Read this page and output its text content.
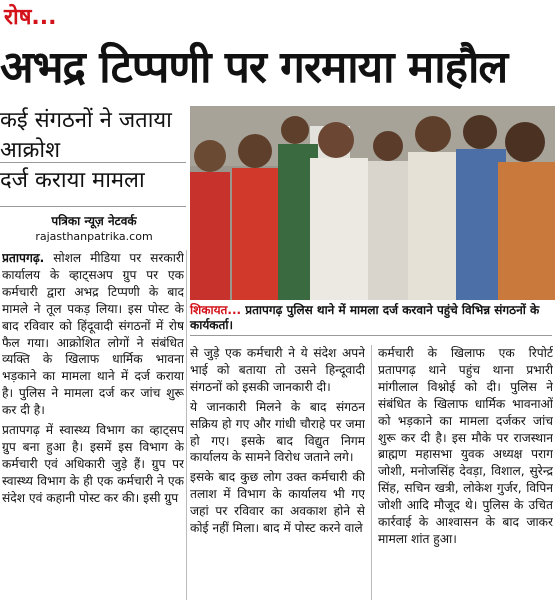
रोष...
अभद्र टिप्पणी पर गरमाया माहौल
कई संगठनों ने जताया आक्रोश
दर्ज कराया मामला
पत्रिका न्यूज़ नेटवर्क
rajasthanpatrika.com
शिकायत... प्रतापगढ़ पुलिस थाने में मामला दर्ज करवाने पहुंचे विभिन्न संगठनों के कार्यकर्ता।

प्रतापगढ़. सोशल मीडिया पर सरकारी कार्यालय के व्हाट्सअप ग्रुप पर एक कर्मचारी द्वारा अभद्र टिप्पणी के बाद मामले ने तूल पकड़ लिया। इस पोस्ट के बाद रविवार को हिंदूवादी संगठनों में रोष फैल गया। आक्रोशित लोगों ने संबंधित व्यक्ति के खिलाफ धार्मिक भावना भड़काने का मामला थाने में दर्ज कराया है। पुलिस ने मामला दर्ज कर जांच शुरू कर दी है।

प्रतापगढ़ में स्वास्थ्य विभाग का व्हाट्सप ग्रुप बना हुआ है। इसमें इस विभाग के कर्मचारी एवं अधिकारी जुड़े हैं। ग्रुप पर स्वास्थ्य विभाग के ही एक कर्मचारी ने एक संदेश एवं कहानी पोस्ट कर की। इसी ग्रुप

से जुड़े एक कर्मचारी ने ये संदेश अपने भाई को बताया तो उसने हिन्दूवादी संगठनों को इसकी जानकारी दी।

ये जानकारी मिलने के बाद संगठन सक्रिय हो गए और गांधी चौराहे पर जमा हो गए। इसके बाद विद्युत निगम कार्यालय के सामने विरोध जताने लगे।

इसके बाद कुछ लोग उक्त कर्मचारी की तलाश में विभाग के कार्यालय भी गए जहां पर रविवार का अवकाश होने से कोई नहीं मिला। बाद में पोस्ट करने वाले

कर्मचारी के खिलाफ एक रिपोर्ट प्रतापगढ़ थाने पहुंच थाना प्रभारी मांगीलाल विश्नोई को दी। पुलिस ने संबंधित के खिलाफ धार्मिक भावनाओं को भड़काने का मामला दर्जकर जांच शुरू कर दी है। इस मौके पर राजस्थान ब्राह्मण महासभा युवक अध्यक्ष पराग जोशी, मनोजसिंह देवड़ा, विशाल, सुरेन्द्र सिंह, सचिन खत्री, लोकेश गुर्जर, विपिन जोशी आदि मौजूद थे। पुलिस के उचित कार्रवाई के आश्वासन के बाद जाकर मामला शांत हुआ।
